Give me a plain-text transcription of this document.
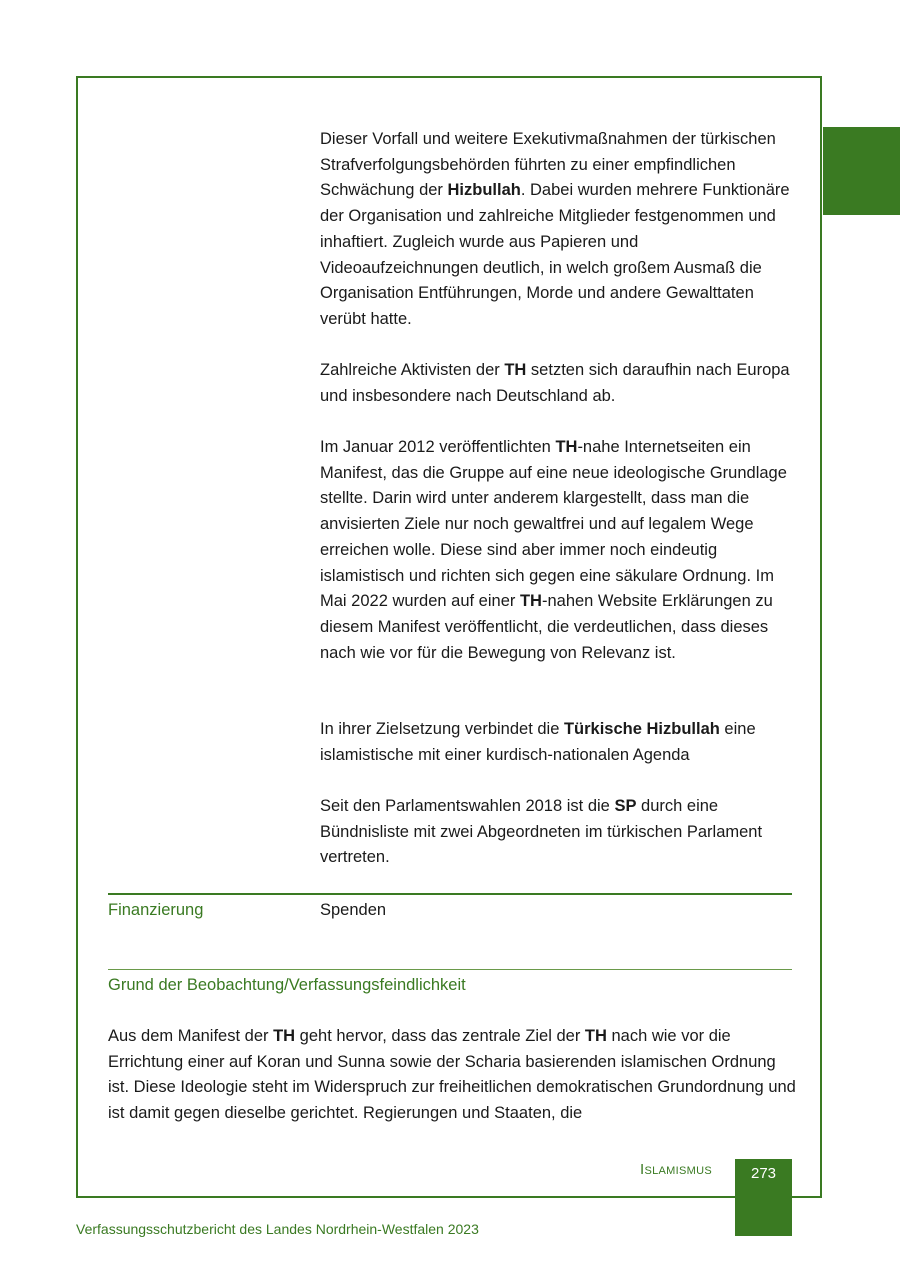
Dieser Vorfall und weitere Exekutivmaßnahmen der türkischen Strafverfolgungsbehörden führten zu einer empfindlichen Schwächung der Hizbullah. Dabei wurden mehrere Funktionäre der Organisation und zahlreiche Mitglieder festgenommen und inhaftiert. Zugleich wurde aus Papieren und Videoaufzeichnungen deutlich, in welch großem Ausmaß die Organisation Entführungen, Morde und andere Gewalttaten verübt hatte.

Zahlreiche Aktivisten der TH setzten sich daraufhin nach Europa und insbesondere nach Deutschland ab.

Im Januar 2012 veröffentlichten TH-nahe Internetseiten ein Manifest, das die Gruppe auf eine neue ideologische Grundlage stellte. Darin wird unter anderem klargestellt, dass man die anvisierten Ziele nur noch gewaltfrei und auf legalem Wege erreichen wolle. Diese sind aber immer noch eindeutig islamistisch und richten sich gegen eine säkulare Ordnung. Im Mai 2022 wurden auf einer TH-nahen Website Erklärungen zu diesem Manifest veröffentlicht, die verdeutlichen, dass dieses nach wie vor für die Bewegung von Relevanz ist.

In ihrer Zielsetzung verbindet die Türkische Hizbullah eine islamistische mit einer kurdisch-nationalen Agenda

Seit den Parlamentswahlen 2018 ist die SP durch eine Bündnisliste mit zwei Abgeordneten im türkischen Parlament vertreten.

Finanzierung	Spenden
Grund der Beobachtung/Verfassungsfeindlichkeit

Aus dem Manifest der TH geht hervor, dass das zentrale Ziel der TH nach wie vor die Errichtung einer auf Koran und Sunna sowie der Scharia basierenden islamischen Ordnung ist. Diese Ideologie steht im Widerspruch zur freiheitlichen demokratischen Grundordnung und ist damit gegen dieselbe gerichtet. Regierungen und Staaten, die

Islamismus	273
Verfassungsschutzbericht des Landes Nordrhein-Westfalen 2023
